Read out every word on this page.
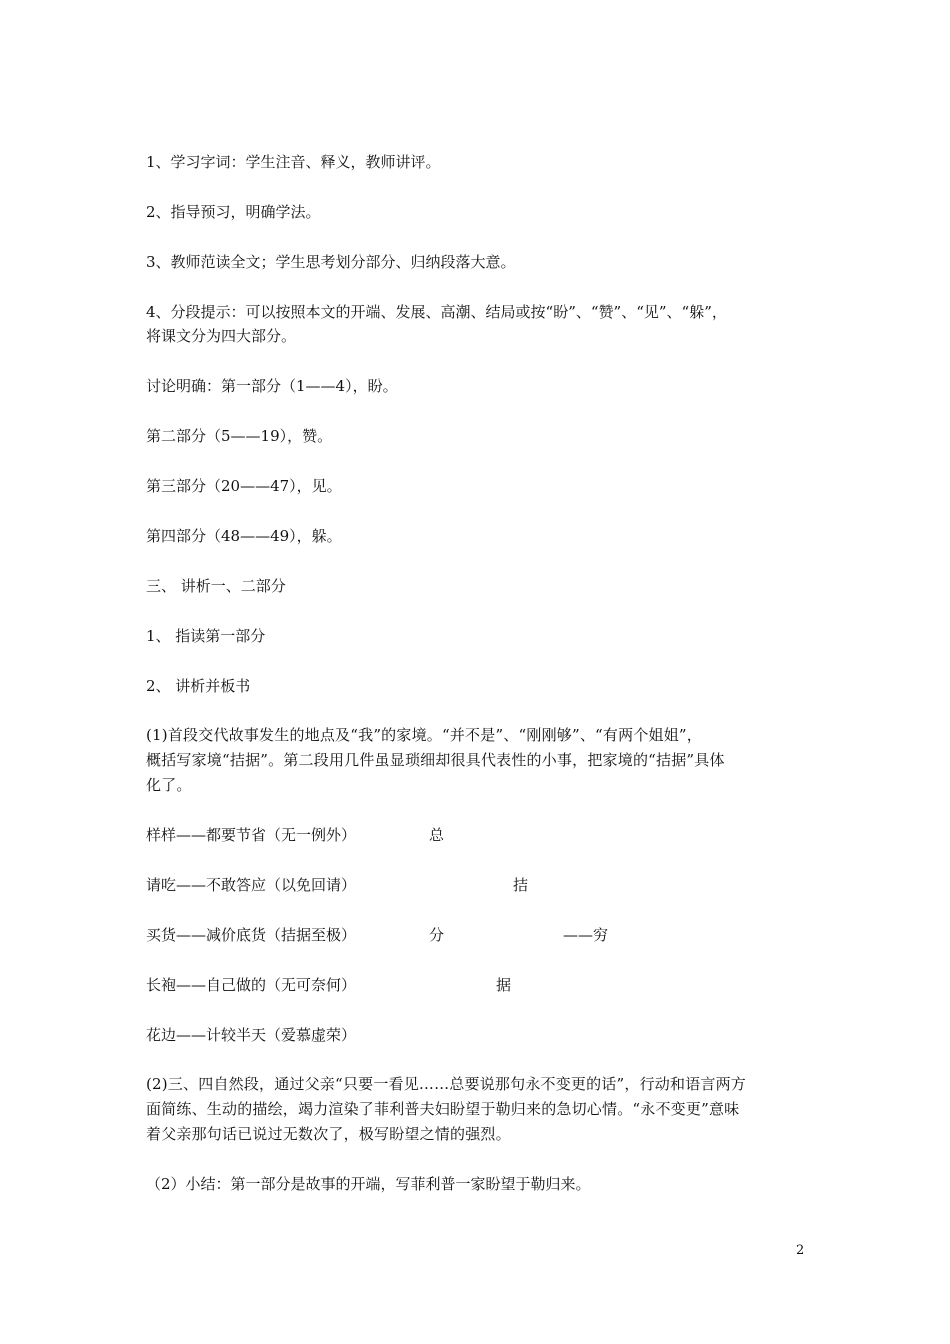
1、学习字词：学生注音、释义，教师讲评。
2、指导预习，明确学法。
3、教师范读全文；学生思考划分部分、归纳段落大意。
4、分段提示：可以按照本文的开端、发展、高潮、结局或按“盼”、“赞”、“见”、“躲”，
将课文分为四大部分。
讨论明确：第一部分（1——4），盼。
第二部分（5——19），赞。
第三部分（20——47），见。
第四部分（48——49），躲。
三、 讲析一、二部分
1、 指读第一部分
2、 讲析并板书

(1)首段交代故事发生的地点及“我”的家境。“并不是”、“刚刚够”、“有两个姐姐”，

概括写家境“拮据”。第二段用几件虽显琐细却很具代表性的小事，把家境的“拮据”具体

化了。

样样——都要节省（无一例外）	总
请吃——不敢答应（以免回请）	拮
买货——减价底货（拮据至极）	分	——穷
长袍——自己做的（无可奈何）	据
花边——计较半天（爱慕虚荣）

(2)三、四自然段，通过父亲“只要一看见……总要说那句永不变更的话”，行动和语言两方

面简练、生动的描绘，竭力渲染了菲利普夫妇盼望于勒归来的急切心情。“永不变更”意味

着父亲那句话已说过无数次了，极写盼望之情的强烈。

（2）小结：第一部分是故事的开端，写菲利普一家盼望于勒归来。
2
